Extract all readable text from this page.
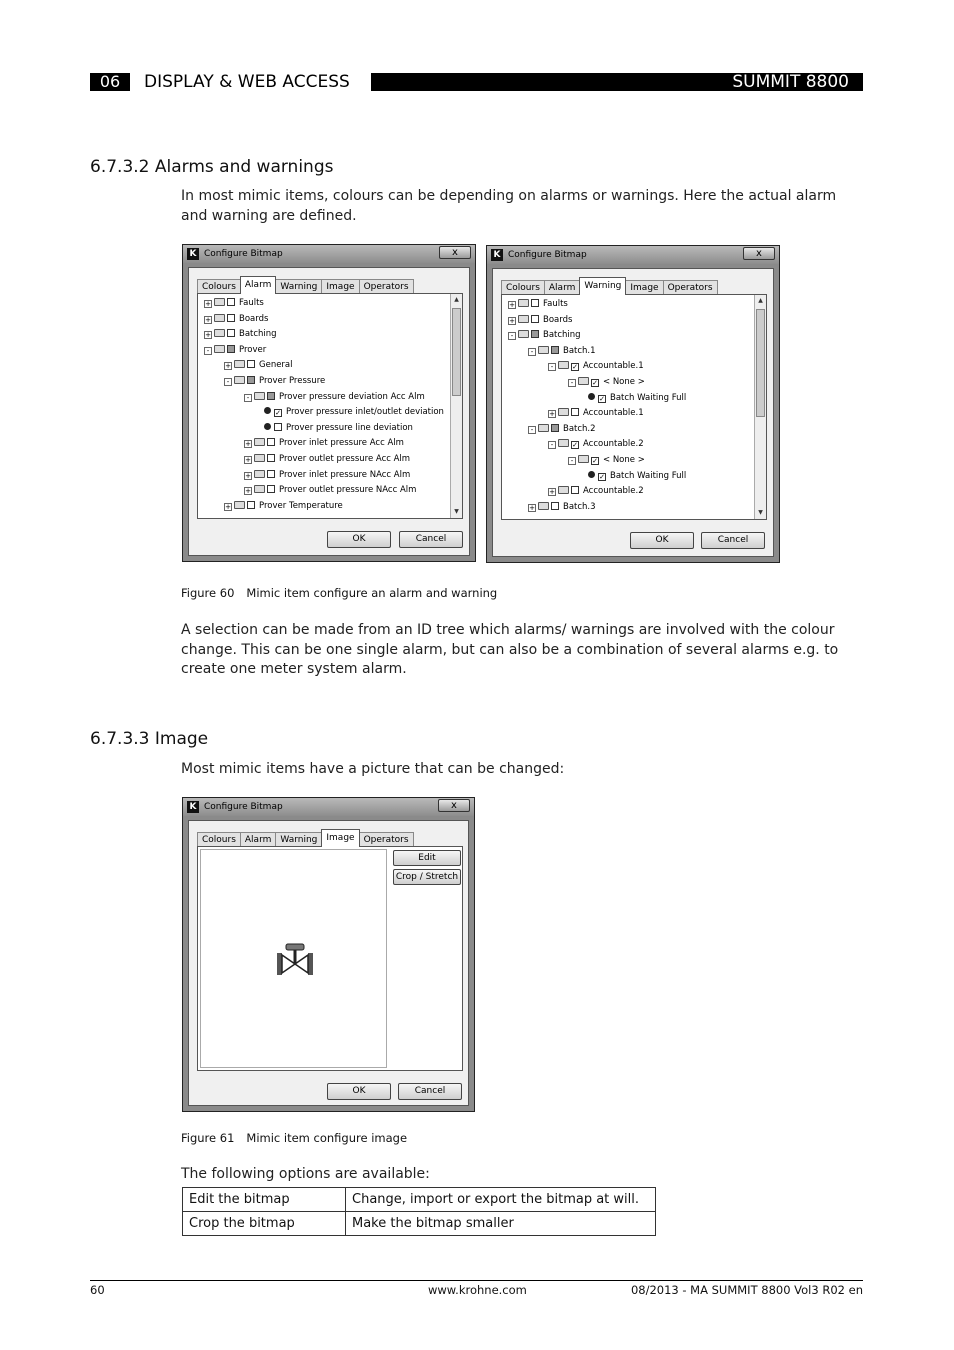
06	DISPLAY & WEB ACCESS	SUMMIT 8800
6.7.3.2 Alarms and warnings
In most mimic items, colours can be depending on alarms or warnings. Here the actual alarm
and warning are defined.
K Configure Bitmap	x
Colours	Alarm	Warning	Image	Operators
+	Prover Temperature
+	Prover outlet pressure NAcc Alm
+	Prover inlet pressure NAcc Alm
+	Prover outlet pressure Acc Alm
+	Prover inlet pressure Acc Alm
Prover pressure line deviation
✓ Prover pressure inlet/outlet deviation
-	Prover pressure deviation Acc Alm
-	Prover Pressure
+	General
-	Prover
+	Batching
+	Boards
+	Faults	▲
▼
OK	Cancel
K Configure Bitmap	x
Colours	Alarm	Warning	Image	Operators
+	Batch.3
+	Accountable.2
✓ Batch Waiting Full
-	✓ < None >
-	✓ Accountable.2
-	Batch.2
+	Accountable.1
✓ Batch Waiting Full
-	✓ < None >
-	✓ Accountable.1
-	Batch.1
-	Batching
+	Boards
+	Faults	▲
▼
OK	Cancel
Figure 60 Mimic item configure an alarm and warning
A selection can be made from an ID tree which alarms/ warnings are involved with the colour
change. This can be one single alarm, but can also be a combination of several alarms e.g. to
create one meter system alarm.
6.7.3.3 Image
Most mimic items have a picture that can be changed:
K Configure Bitmap	x
Colours	Alarm	Warning	Image	Operators
Edit
Crop / Stretch
OK	Cancel
Figure 61 Mimic item configure image
The following options are available:
Edit the bitmap	Change, import or export the bitmap at will.
Crop the bitmap	Make the bitmap smaller
60	www.krohne.com	08/2013 - MA SUMMIT 8800 Vol3 R02 en
